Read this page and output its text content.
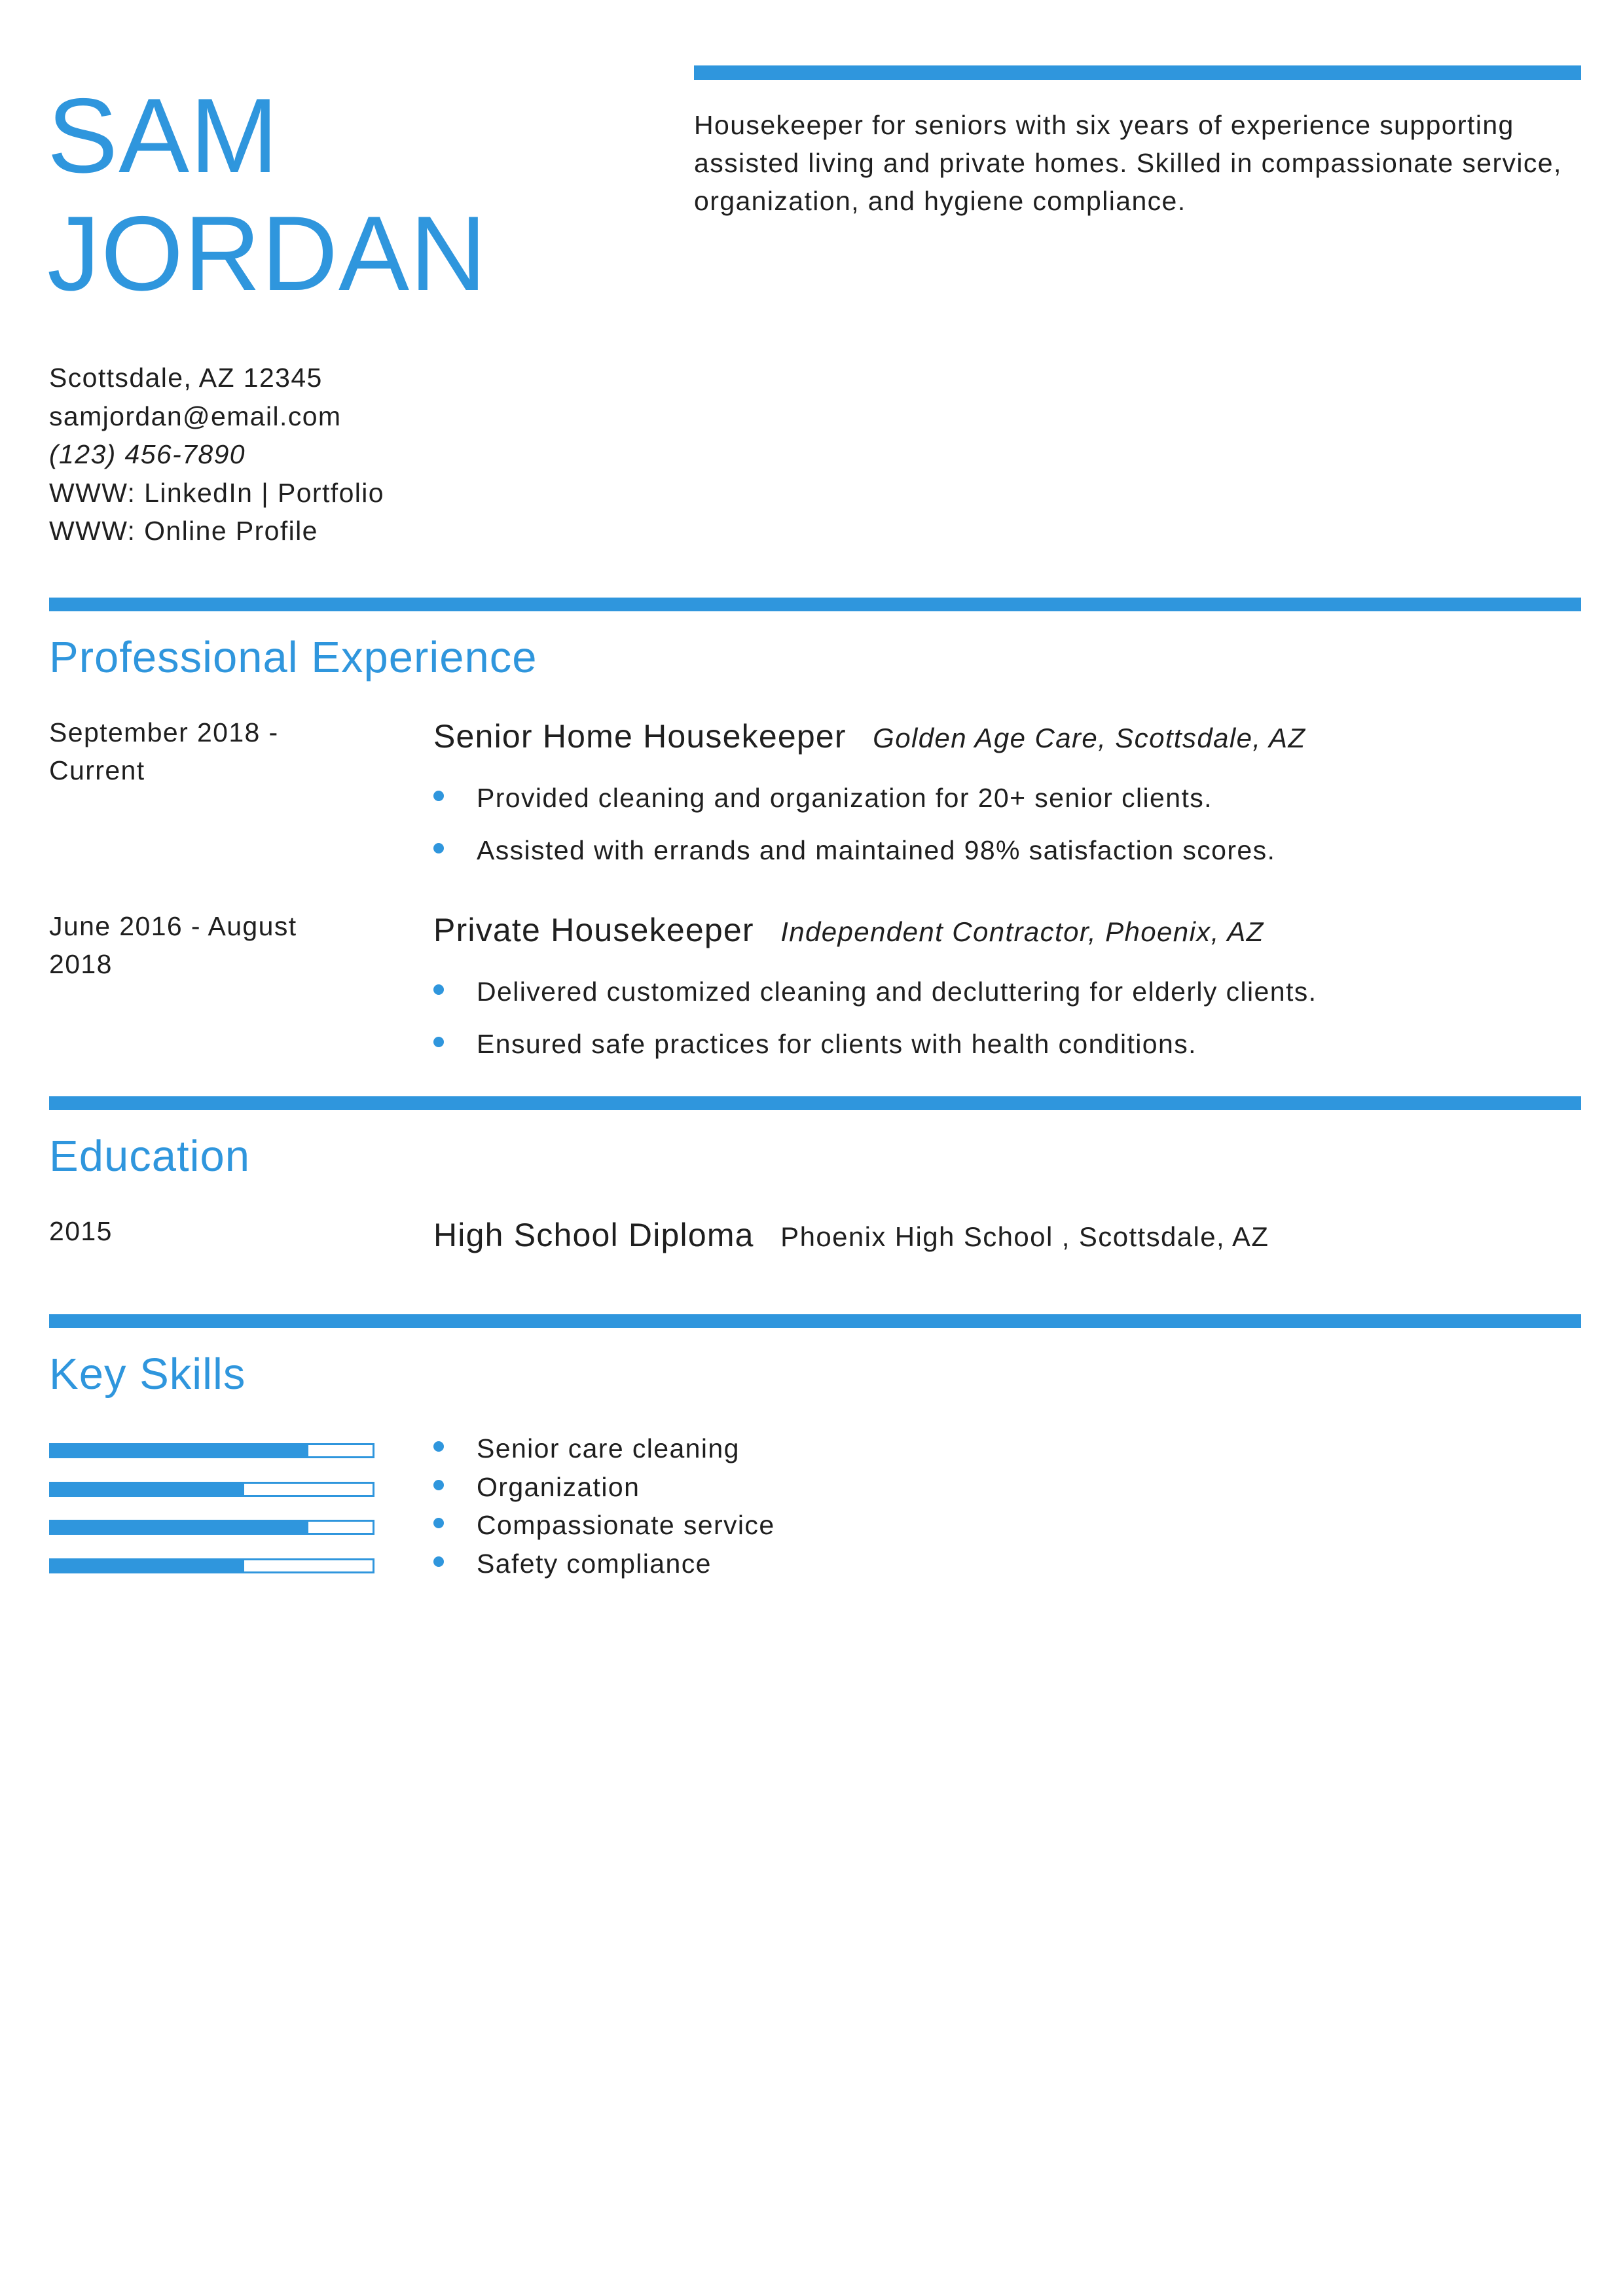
SAM
JORDAN

Housekeeper for seniors with six years of experience supporting assisted living and private homes. Skilled in compassionate service, organization, and hygiene compliance.

Scottsdale, AZ 12345
samjordan@email.com
(123) 456-7890
WWW: LinkedIn | Portfolio
WWW: Online Profile
Professional Experience
September 2018 - Current
Senior Home Housekeeper Golden Age Care, Scottsdale, AZ
Provided cleaning and organization for 20+ senior clients.
Assisted with errands and maintained 98% satisfaction scores.
June 2016 - August 2018
Private Housekeeper Independent Contractor, Phoenix, AZ
Delivered customized cleaning and decluttering for elderly clients.
Ensured safe practices for clients with health conditions.
Education
2015	High School Diploma Phoenix High School , Scottsdale, AZ
Key Skills
Senior care cleaning
Organization
Compassionate service
Safety compliance
